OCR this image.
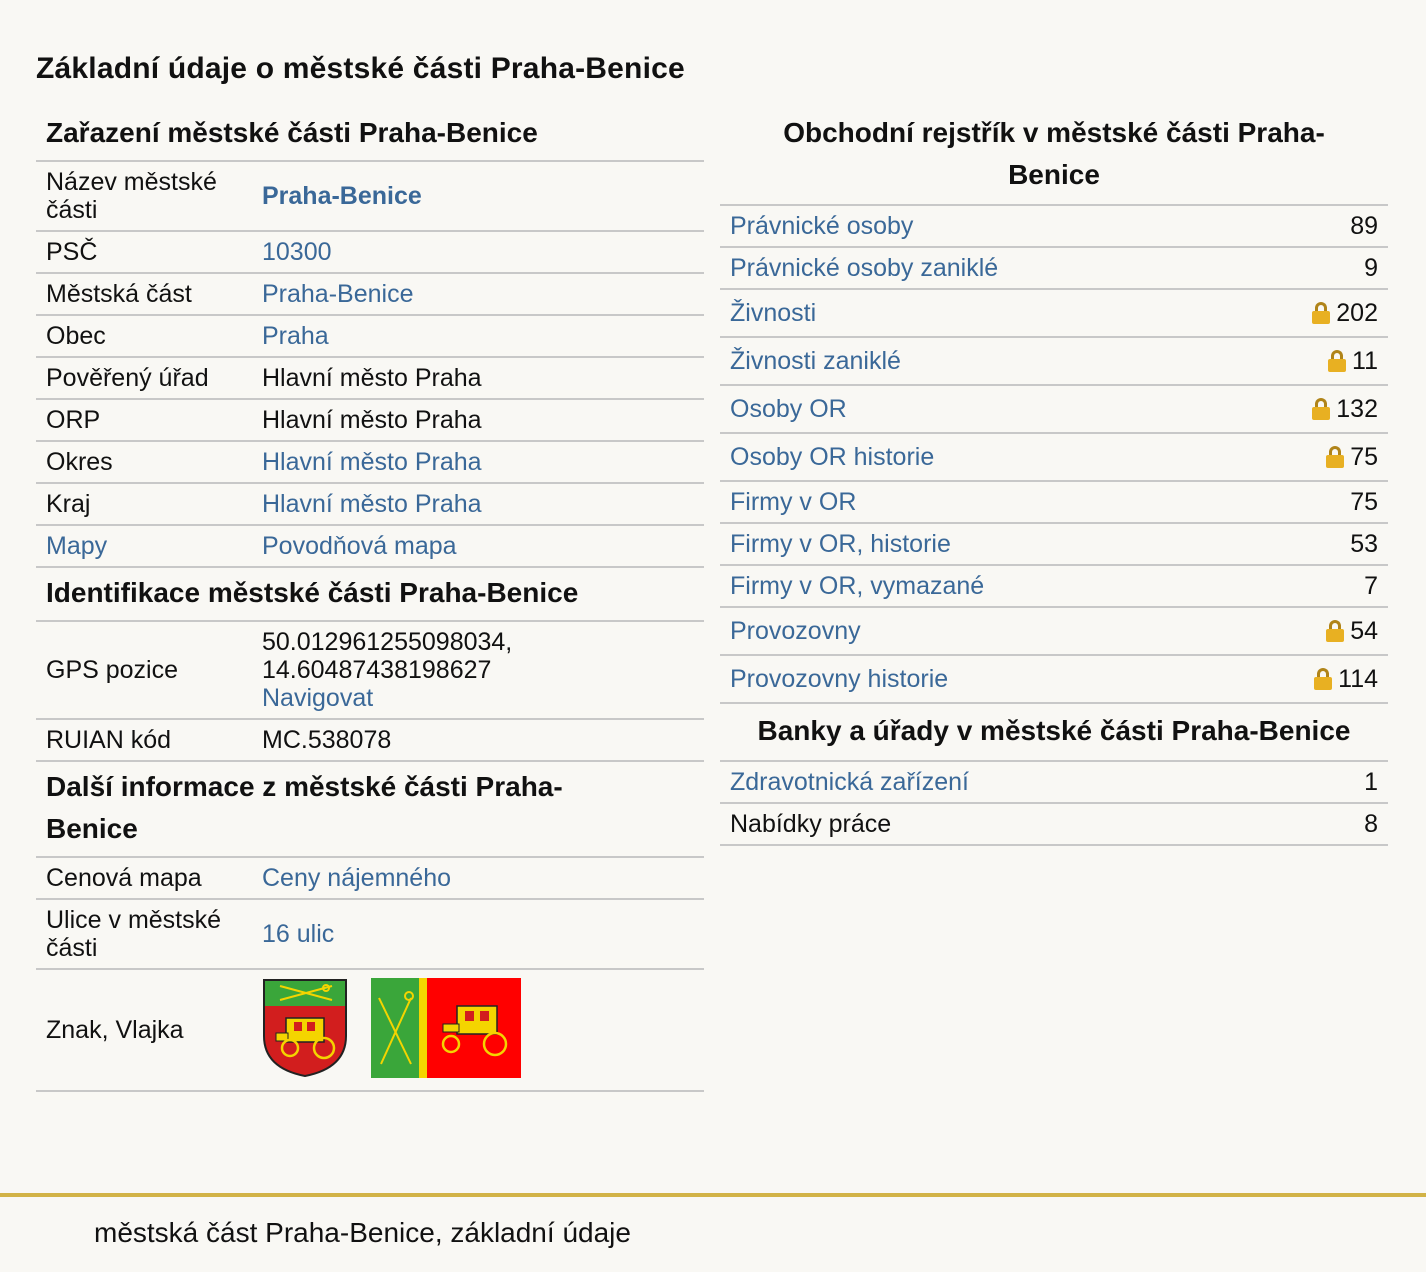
Základní údaje o městské části Praha-Benice
Zařazení městské části Praha-Benice
Název městské části	Praha-Benice
PSČ	10300
Městská část	Praha-Benice
Obec	Praha
Pověřený úřad	Hlavní město Praha
ORP	Hlavní město Praha
Okres	Hlavní město Praha
Kraj	Hlavní město Praha
Mapy	Povodňová mapa
Identifikace městské části Praha-Benice
GPS pozice	50.012961255098034, 14.60487438198627
Navigovat
RUIAN kód	MC.538078
Další informace z městské části Praha-Benice
Cenová mapa	Ceny nájemného
Ulice v městské části	16 ulic
Znak, Vlajka	
Obchodní rejstřík v městské části Praha-Benice
Právnické osoby	89
Právnické osoby zaniklé	9
Živnosti	202
Živnosti zaniklé	11
Osoby OR	132
Osoby OR historie	75
Firmy v OR	75
Firmy v OR, historie	53
Firmy v OR, vymazané	7
Provozovny	54
Provozovny historie	114
Banky a úřady v městské části Praha-Benice
Zdravotnická zařízení	1
Nabídky práce	8
městská část Praha-Benice, základní údaje
